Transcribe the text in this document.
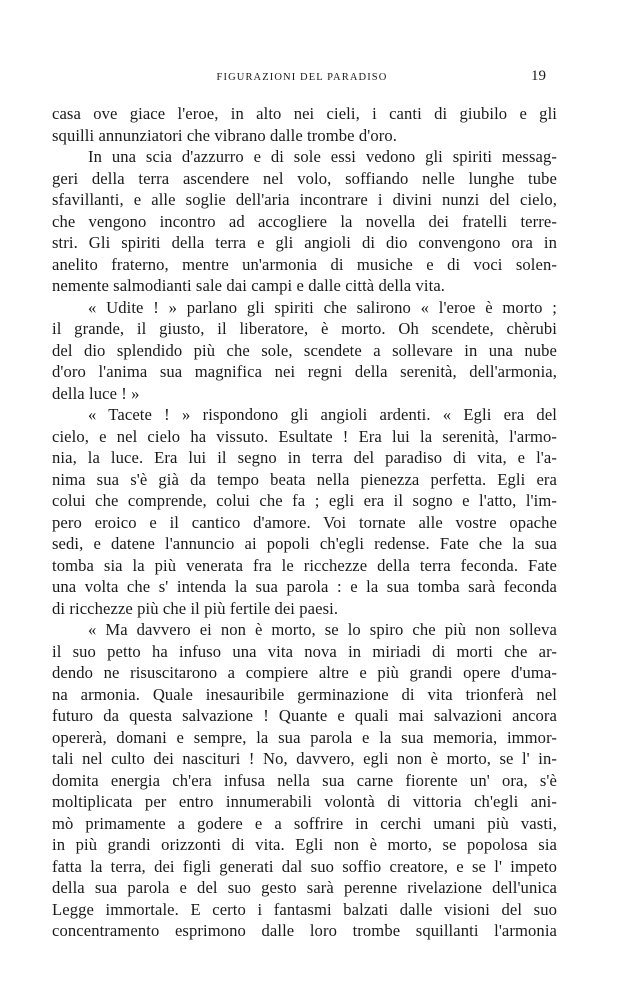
FIGURAZIONI DEL PARADISO	19
casa ove giace l'eroe, in alto nei cieli, i canti di giubilo e gli
squilli annunziatori che vibrano dalle trombe d'oro.
In una scia d'azzurro e di sole essi vedono gli spiriti messag-
geri della terra ascendere nel volo, soffiando nelle lunghe tube
sfavillanti, e alle soglie dell'aria incontrare i divini nunzi del cielo,
che vengono incontro ad accogliere la novella dei fratelli terre-
stri. Gli spiriti della terra e gli angioli di dio convengono ora in
anelito fraterno, mentre un'armonia di musiche e di voci solen-
nemente salmodianti sale dai campi e dalle città della vita.
« Udite ! » parlano gli spiriti che salirono « l'eroe è morto ;
il grande, il giusto, il liberatore, è morto. Oh scendete, chèrubi
del dio splendido più che sole, scendete a sollevare in una nube
d'oro l'anima sua magnifica nei regni della serenità, dell'armonia,
della luce ! »
« Tacete ! » rispondono gli angioli ardenti. « Egli era del
cielo, e nel cielo ha vissuto. Esultate ! Era lui la serenità, l'armo-
nia, la luce. Era lui il segno in terra del paradiso di vita, e l'a-
nima sua s'è già da tempo beata nella pienezza perfetta. Egli era
colui che comprende, colui che fa ; egli era il sogno e l'atto, l'im-
pero eroico e il cantico d'amore. Voi tornate alle vostre opache
sedi, e datene l'annuncio ai popoli ch'egli redense. Fate che la sua
tomba sia la più venerata fra le ricchezze della terra feconda. Fate
una volta che s' intenda la sua parola : e la sua tomba sarà feconda
di ricchezze più che il più fertile dei paesi.
« Ma davvero ei non è morto, se lo spiro che più non solleva
il suo petto ha infuso una vita nova in miriadi di morti che ar-
dendo ne risuscitarono a compiere altre e più grandi opere d'uma-
na armonia. Quale inesauribile germinazione di vita trionferà nel
futuro da questa salvazione ! Quante e quali mai salvazioni ancora
opererà, domani e sempre, la sua parola e la sua memoria, immor-
tali nel culto dei nascituri ! No, davvero, egli non è morto, se l' in-
domita energia ch'era infusa nella sua carne fiorente un' ora, s'è
moltiplicata per entro innumerabili volontà di vittoria ch'egli ani-
mò primamente a godere e a soffrire in cerchi umani più vasti,
in più grandi orizzonti di vita. Egli non è morto, se popolosa sia
fatta la terra, dei figli generati dal suo soffio creatore, e se l' impeto
della sua parola e del suo gesto sarà perenne rivelazione dell'unica
Legge immortale. E certo i fantasmi balzati dalle visioni del suo
concentramento esprimono dalle loro trombe squillanti l'armonia
